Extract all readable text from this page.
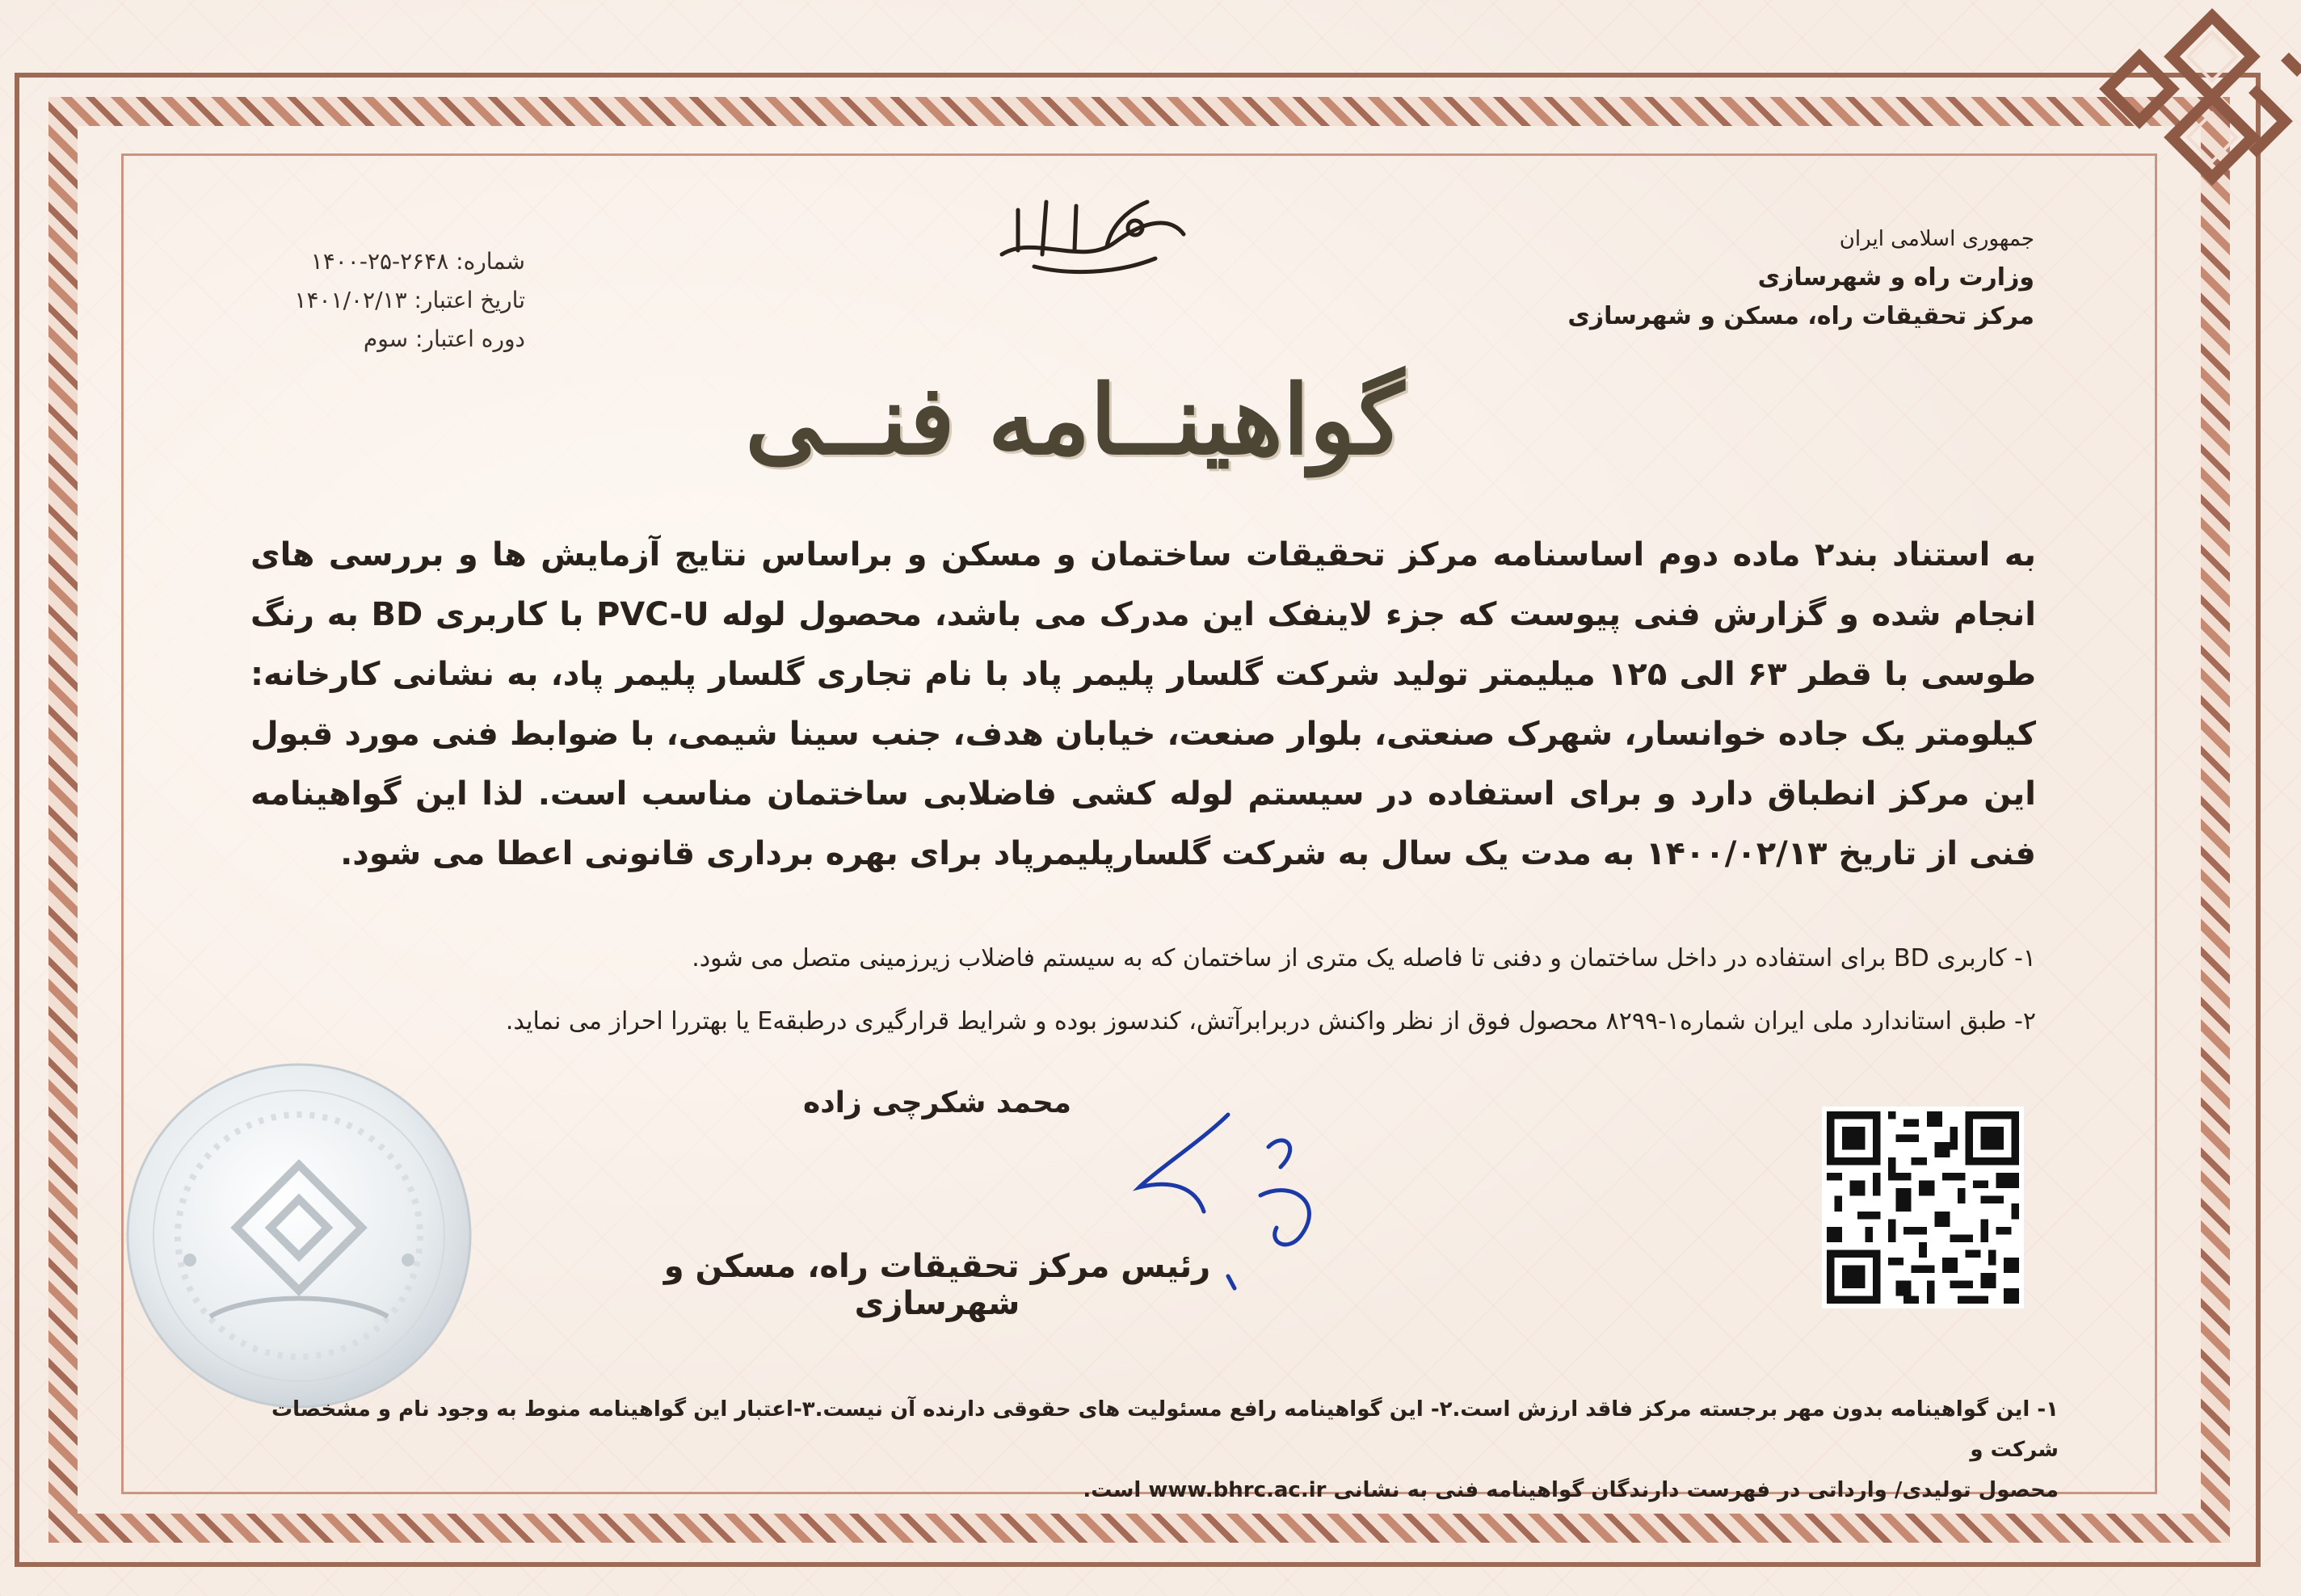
جمهوری اسلامی ایران
وزارت راه و شهرسازی
مرکز تحقیقات راه، مسکن و شهرسازی
شماره: ۲۶۴۸-۲۵-۱۴۰۰
تاریخ اعتبار: ۱۴۰۱/۰۲/۱۳
دوره اعتبار: سوم
گواهینــامه فنــی

به استناد بند۲ ماده دوم اساسنامه مرکز تحقیقات ساختمان و مسکن و براساس نتایج آزمایش ها و بررسی های انجام شده و گزارش فنی پیوست که جزء لاینفک این مدرک می باشد، محصول لوله PVC-U با کاربری BD به رنگ طوسی با قطر ۶۳ الی ۱۲۵ میلیمتر تولید شرکت گلسار پلیمر پاد با نام تجاری گلسار پلیمر پاد، به نشانی کارخانه: کیلومتر یک جاده خوانسار، شهرک صنعتی، بلوار صنعت، خیابان هدف، جنب سینا شیمی، با ضوابط فنی مورد قبول این مرکز انطباق دارد و برای استفاده در سیستم لوله کشی فاضلابی ساختمان مناسب است. لذا این گواهینامه فنی از تاریخ ۱۴۰۰/۰۲/۱۳ به مدت یک سال به شرکت گلسارپلیمرپاد برای بهره برداری قانونی اعطا می شود.

۱- کاربری BD برای استفاده در داخل ساختمان و دفنی تا فاصله یک متری از ساختمان که به سیستم فاضلاب زیرزمینی متصل می شود.

۲- طبق استاندارد ملی ایران شماره۱-۸۲۹۹ محصول فوق از نظر واکنش دربرابرآتش، کندسوز بوده و شرایط قرارگیری درطبقهE یا بهتررا احراز می نماید.

محمد شکرچی زاده
رئیس مرکز تحقیقات راه، مسکن و شهرسازی

۱- این گواهینامه بدون مهر برجسته مرکز فاقد ارزش است.۲- این گواهینامه رافع مسئولیت های حقوقی دارنده آن نیست.۳-اعتبار این گواهینامه منوط به وجود نام و مشخصات شرکت و

محصول تولیدی/ وارداتی در فهرست دارندگان گواهینامه فنی به نشانی www.bhrc.ac.ir است.
